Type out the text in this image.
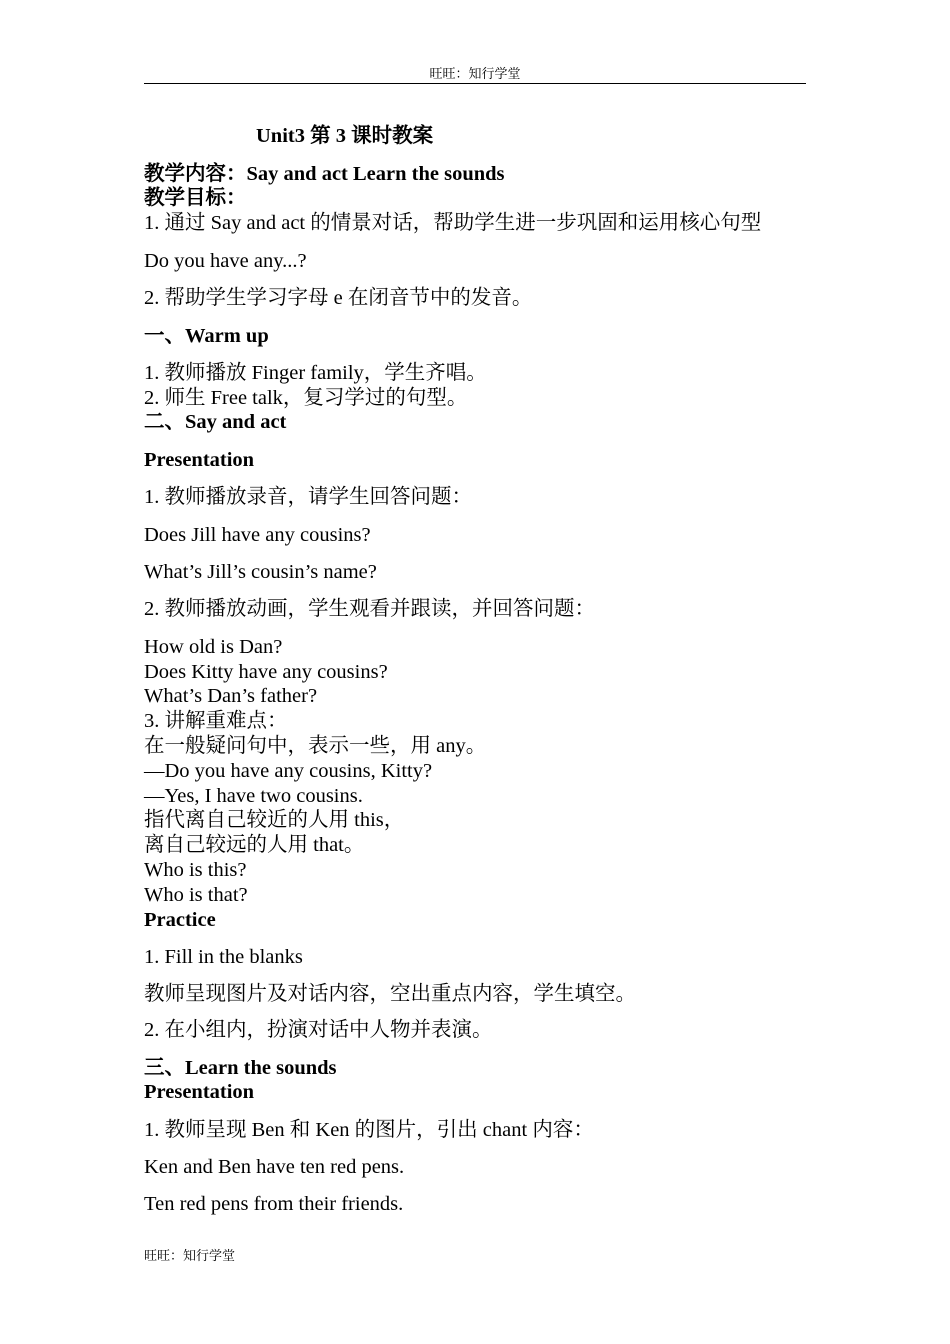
旺旺：知行学堂
Unit3 第 3 课时教案
教学内容：Say and act Learn the sounds
教学目标：
1. 通过 Say and act 的情景对话，帮助学生进一步巩固和运用核心句型
Do you have any...?
2. 帮助学生学习字母 e 在闭音节中的发音。
一、Warm up
1. 教师播放 Finger family，学生齐唱。
2. 师生 Free talk，复习学过的句型。
二、Say and act
Presentation
1. 教师播放录音，请学生回答问题：
Does Jill have any cousins?
What’s Jill’s cousin’s name?
2. 教师播放动画，学生观看并跟读，并回答问题：
How old is Dan?
Does Kitty have any cousins?
What’s Dan’s father?
3. 讲解重难点：
在一般疑问句中，表示一些，用 any。
—Do you have any cousins, Kitty?
—Yes, I have two cousins.
指代离自己较近的人用 this，
离自己较远的人用 that。
Who is this?
Who is that?
Practice
1. Fill in the blanks
教师呈现图片及对话内容，空出重点内容，学生填空。
2. 在小组内，扮演对话中人物并表演。
三、Learn the sounds
Presentation
1. 教师呈现 Ben 和 Ken 的图片，引出 chant 内容：
Ken and Ben have ten red pens.
Ten red pens from their friends.
旺旺：知行学堂
